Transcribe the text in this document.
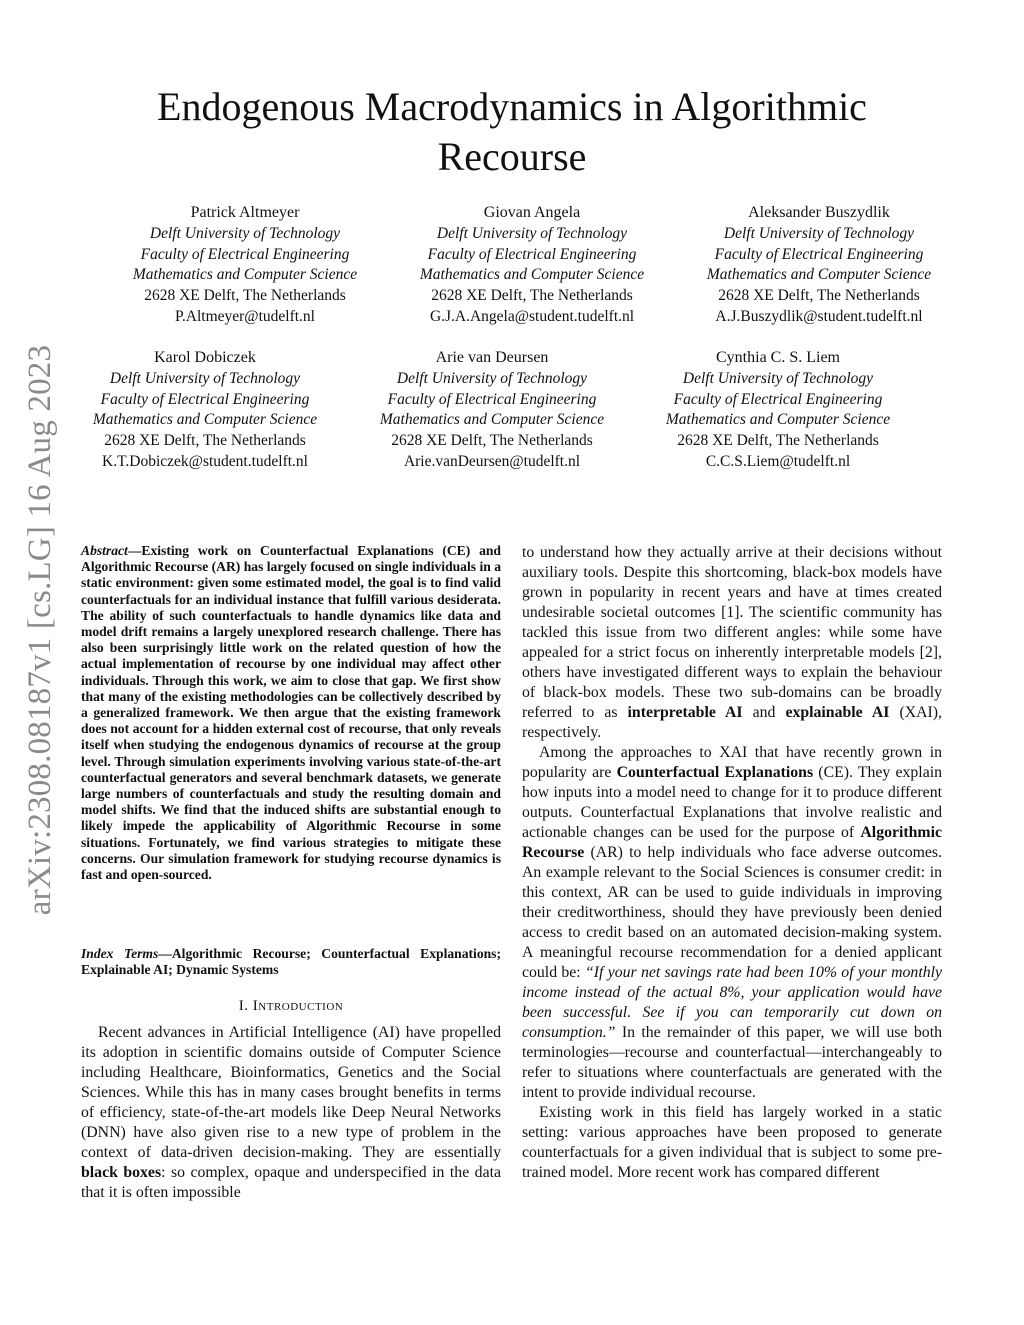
arXiv:2308.08187v1 [cs.LG] 16 Aug 2023
Endogenous Macrodynamics in Algorithmic
Recourse
Patrick Altmeyer
Delft University of Technology
Faculty of Electrical Engineering
Mathematics and Computer Science
2628 XE Delft, The Netherlands
P.Altmeyer@tudelft.nl
Giovan Angela
Delft University of Technology
Faculty of Electrical Engineering
Mathematics and Computer Science
2628 XE Delft, The Netherlands
G.J.A.Angela@student.tudelft.nl
Aleksander Buszydlik
Delft University of Technology
Faculty of Electrical Engineering
Mathematics and Computer Science
2628 XE Delft, The Netherlands
A.J.Buszydlik@student.tudelft.nl
Karol Dobiczek
Delft University of Technology
Faculty of Electrical Engineering
Mathematics and Computer Science
2628 XE Delft, The Netherlands
K.T.Dobiczek@student.tudelft.nl
Arie van Deursen
Delft University of Technology
Faculty of Electrical Engineering
Mathematics and Computer Science
2628 XE Delft, The Netherlands
Arie.vanDeursen@tudelft.nl
Cynthia C. S. Liem
Delft University of Technology
Faculty of Electrical Engineering
Mathematics and Computer Science
2628 XE Delft, The Netherlands
C.C.S.Liem@tudelft.nl
Abstract—Existing work on Counterfactual Explanations (CE) and Algorithmic Recourse (AR) has largely focused on single individuals in a static environment: given some estimated model, the goal is to find valid counterfactuals for an individual instance that fulfill various desiderata. The ability of such counterfactuals to handle dynamics like data and model drift remains a largely unexplored research challenge. There has also been surprisingly little work on the related question of how the actual implementation of recourse by one individual may affect other individuals. Through this work, we aim to close that gap. We first show that many of the existing methodologies can be collectively described by a generalized framework. We then argue that the existing framework does not account for a hidden external cost of recourse, that only reveals itself when studying the endogenous dynamics of recourse at the group level. Through simulation experiments involving various state-of-the-art counterfactual generators and several benchmark datasets, we generate large numbers of counterfactuals and study the resulting domain and model shifts. We find that the induced shifts are substantial enough to likely impede the applicability of Algorithmic Recourse in some situations. Fortunately, we find various strategies to mitigate these concerns. Our simulation framework for studying recourse dynamics is fast and open-sourced.
Index Terms—Algorithmic Recourse; Counterfactual Explanations; Explainable AI; Dynamic Systems
I. Introduction

Recent advances in Artificial Intelligence (AI) have propelled its adoption in scientific domains outside of Computer Science including Healthcare, Bioinformatics, Genetics and the Social Sciences. While this has in many cases brought benefits in terms of efficiency, state-of-the-art models like Deep Neural Networks (DNN) have also given rise to a new type of problem in the context of data-driven decision-making. They are essentially black boxes: so complex, opaque and underspecified in the data that it is often impossible

to understand how they actually arrive at their decisions without auxiliary tools. Despite this shortcoming, black-box models have grown in popularity in recent years and have at times created undesirable societal outcomes [1]. The scientific community has tackled this issue from two different angles: while some have appealed for a strict focus on inherently interpretable models [2], others have investigated different ways to explain the behaviour of black-box models. These two sub-domains can be broadly referred to as interpretable AI and explainable AI (XAI), respectively.

Among the approaches to XAI that have recently grown in popularity are Counterfactual Explanations (CE). They explain how inputs into a model need to change for it to produce different outputs. Counterfactual Explanations that involve realistic and actionable changes can be used for the purpose of Algorithmic Recourse (AR) to help individuals who face adverse outcomes. An example relevant to the Social Sciences is consumer credit: in this context, AR can be used to guide individuals in improving their creditworthiness, should they have previously been denied access to credit based on an automated decision-making system. A meaningful recourse recommendation for a denied applicant could be: “If your net savings rate had been 10% of your monthly income instead of the actual 8%, your application would have been successful. See if you can temporarily cut down on consumption.” In the remainder of this paper, we will use both terminologies—recourse and counterfactual—interchangeably to refer to situations where counterfactuals are generated with the intent to provide individual recourse.

Existing work in this field has largely worked in a static setting: various approaches have been proposed to generate counterfactuals for a given individual that is subject to some pre-trained model. More recent work has compared different
